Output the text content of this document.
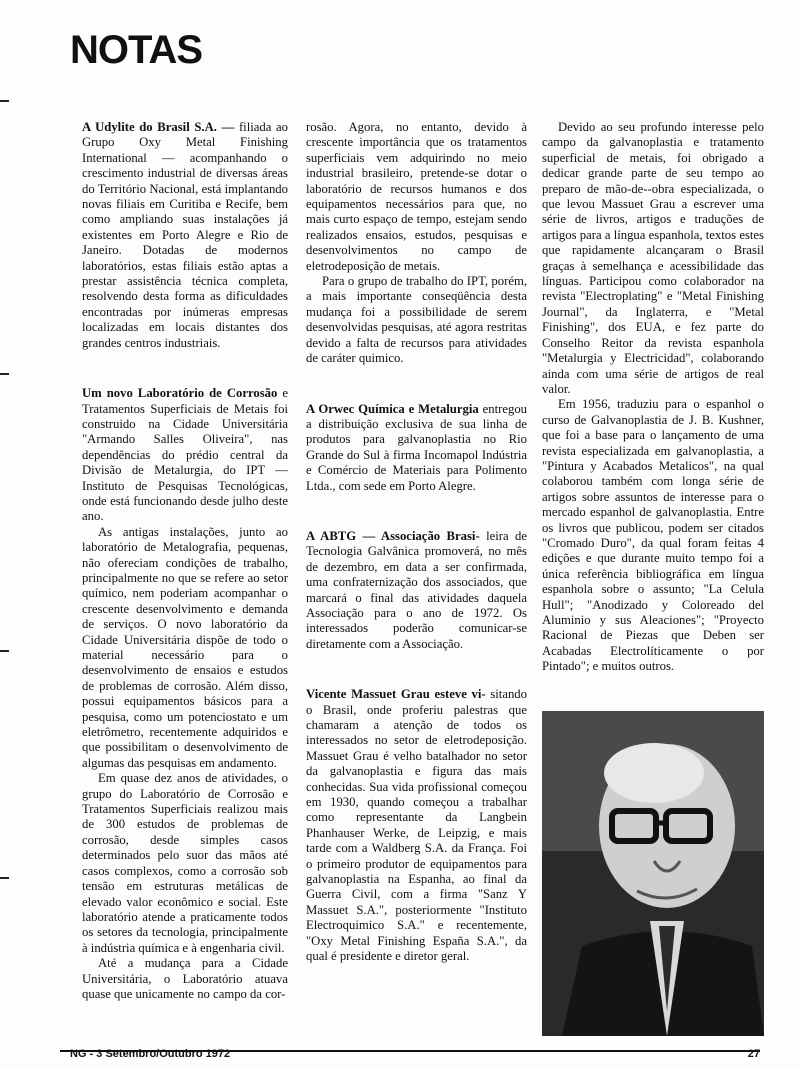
NOTAS

A Udylite do Brasil S.A. — filiada ao Grupo Oxy Metal Finishing International — acompanhando o crescimento industrial de diversas áreas do Território Nacional, está implantando novas filiais em Curitiba e Recife, bem como ampliando suas instalações já existentes em Porto Alegre e Rio de Janeiro. Dotadas de modernos laboratórios, estas filiais estão aptas a prestar assistência técnica completa, resolvendo desta forma as dificuldades encontradas por inúmeras empresas localizadas em locais distantes dos grandes centros industriais.

Um novo Laboratório de Corrosão e Tratamentos Superficiais de Metais foi construido na Cidade Universitária "Armando Salles Oliveira", nas dependências do prédio central da Divisão de Metalurgia, do IPT — Instituto de Pesquisas Tecnológicas, onde está funcionando desde julho deste ano.

As antigas instalações, junto ao laboratório de Metalografia, pequenas, não ofereciam condições de trabalho, principalmente no que se refere ao setor químico, nem poderiam acompanhar o crescente desenvolvimento e demanda de serviços. O novo laboratório da Cidade Universitária dispõe de todo o material necessário para o desenvolvimento de ensaios e estudos de problemas de corrosão. Além disso, possui equipamentos básicos para a pesquisa, como um potenciostato e um eletrômetro, recentemente adquiridos e que possibilitam o desenvolvimento de algumas das pesquisas em andamento.

Em quase dez anos de atividades, o grupo do Laboratório de Corrosão e Tratamentos Superficiais realizou mais de 300 estudos de problemas de corrosão, desde simples casos determinados pelo suor das mãos até casos complexos, como a corrosão sob tensão em estruturas metálicas de elevado valor econômico e social. Este laboratório atende a praticamente todos os setores da tecnologia, principalmente à indústria química e à engenharia civil.

Até a mudança para a Cidade Universitária, o Laboratório atuava quase que unicamente no campo da cor-

rosão. Agora, no entanto, devido à crescente importância que os tratamentos superficiais vem adquirindo no meio industrial brasileiro, pretende-se dotar o laboratório de recursos humanos e dos equipamentos necessários para que, no mais curto espaço de tempo, estejam sendo realizados ensaios, estudos, pesquisas e desenvolvimentos no campo de eletrodeposição de metais.

Para o grupo de trabalho do IPT, porém, a mais importante conseqüência desta mudança foi a possibilidade de serem desenvolvidas pesquisas, até agora restritas devido a falta de recursos para atividades de caráter quimico.

A Orwec Química e Metalurgia entregou a distribuição exclusiva de sua linha de produtos para galvanoplastia no Rio Grande do Sul à firma Incomapol Indústria e Comércio de Materiais para Polimento Ltda., com sede em Porto Alegre.

A ABTG — Associação Brasi- leira de Tecnologia Galvânica promoverá, no mês de dezembro, em data a ser confirmada, uma confraternização dos associados, que marcará o final das atividades daquela Associação para o ano de 1972. Os interessados poderão comunicar-se diretamente com a Associação.

Vicente Massuet Grau esteve vi- sitando o Brasil, onde proferiu palestras que chamaram a atenção de todos os interessados no setor de eletrodeposição. Massuet Grau é velho batalhador no setor da galvanoplastia e figura das mais conhecidas. Sua vida profissional começou em 1930, quando começou a trabalhar como representante da Langbein Phanhauser Werke, de Leipzig, e mais tarde com a Waldberg S.A. da França. Foi o primeiro produtor de equipamentos para galvanoplastia na Espanha, ao final da Guerra Civil, com a firma "Sanz Y Massuet S.A.", posteriormente "Instituto Electroquimico S.A." e recentemente, "Oxy Metal Finishing España S.A.", da qual é presidente e diretor geral.

Devido ao seu profundo interesse pelo campo da galvanoplastia e tratamento superficial de metais, foi obrigado a dedicar grande parte de seu tempo ao preparo de mão-de--obra especializada, o que levou Massuet Grau a escrever uma série de livros, artigos e traduções de artigos para a língua espanhola, textos estes que rapidamente alcançaram o Brasil graças à semelhança e acessibilidade das línguas. Participou como colaborador na revista "Electroplating" e "Metal Finishing Journal", da Inglaterra, e "Metal Finishing", dos EUA, e fez parte do Conselho Reitor da revista espanhola "Metalurgia y Electricidad", colaborando ainda com uma série de artigos de real valor.

Em 1956, traduziu para o espanhol o curso de Galvanoplastia de J. B. Kushner, que foi a base para o lançamento de uma revista especializada em galvanoplastia, a "Pintura y Acabados Metalicos", na qual colaborou também com longa série de artigos sobre assuntos de interesse para o mercado espanhol de galvanoplastia. Entre os livros que publicou, podem ser citados "Cromado Duro", da qual foram feitas 4 edições e que durante muito tempo foi a única referência bibliográfica em língua espanhola sobre o assunto; "La Celula Hull"; "Anodizado y Coloreado del Aluminio y sus Aleaciones"; "Proyecto Racional de Piezas que Deben ser Acabadas Electrolíticamente o por Pintado"; e muitos outros.

NG - 3 Setembro/Outubro 1972	27
